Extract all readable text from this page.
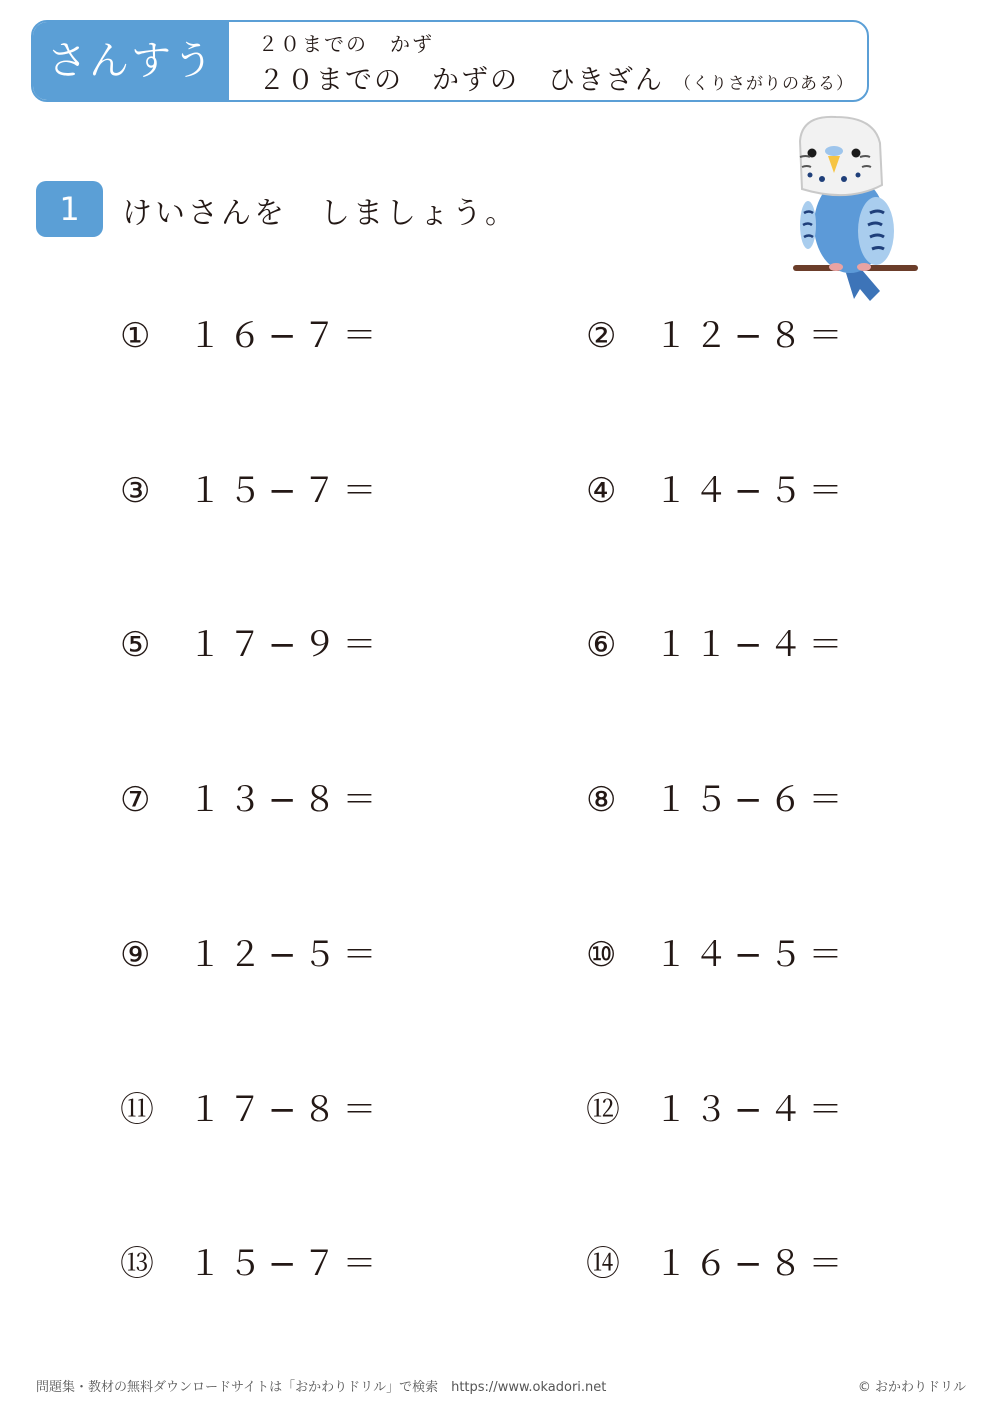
さんすう	２０までの　かず
２０までの　かずの　ひきざん （くりさがりのある）
1	けいさんを　しましょう。
① １６−７＝	② １２−８＝
③ １５−７＝	④ １４−５＝
⑤ １７−９＝	⑥ １１−４＝
⑦ １３−８＝	⑧ １５−６＝
⑨ １２−５＝	⑩ １４−５＝
⑪ １７−８＝	⑫ １３−４＝
⑬ １５−７＝	⑭ １６−８＝
問題集・教材の無料ダウンロードサイトは「おかわりドリル」で検索　https://www.okadori.net	© おかわりドリル
